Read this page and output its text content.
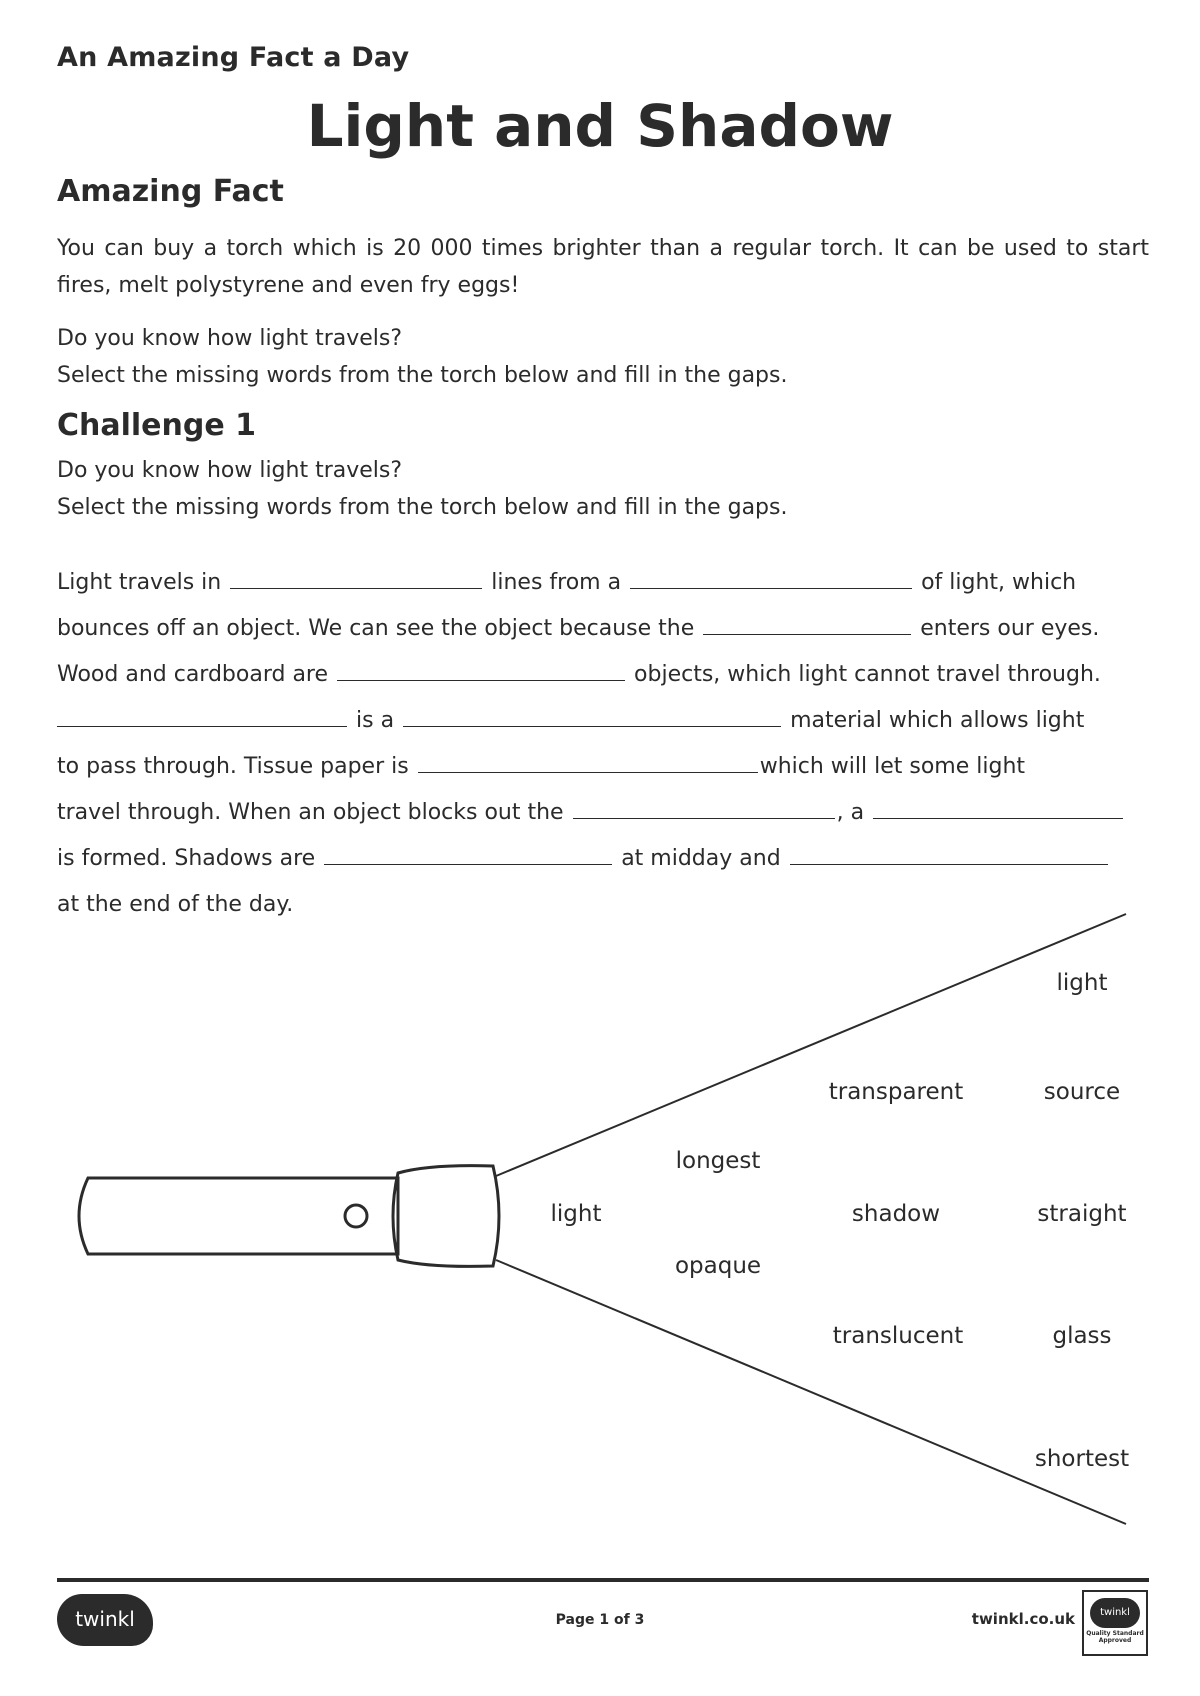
An Amazing Fact a Day
Light and Shadow
Amazing Fact
You can buy a torch which is 20 000 times brighter than a regular torch. It can be used to start fires, melt polystyrene and even fry eggs!
Do you know how light travels?
Select the missing words from the torch below and fill in the gaps.
Challenge 1
Do you know how light travels?
Select the missing words from the torch below and fill in the gaps.
Light travels in	lines from a	of light, which
bounces off an object. We can see the object because the	enters our eyes.
Wood and cardboard are	objects, which light cannot travel through.
is a	material which allows light
to pass through. Tissue paper is	which will let some light
travel through. When an object blocks out the	, a
is formed. Shadows are	at midday and
at the end of the day.
light
transparent	source
longest
light	shadow	straight
opaque
translucent	glass
shortest
twinkl	Page 1 of 3	twinkl.co.uk	twinkl
Quality Standard
Approved
